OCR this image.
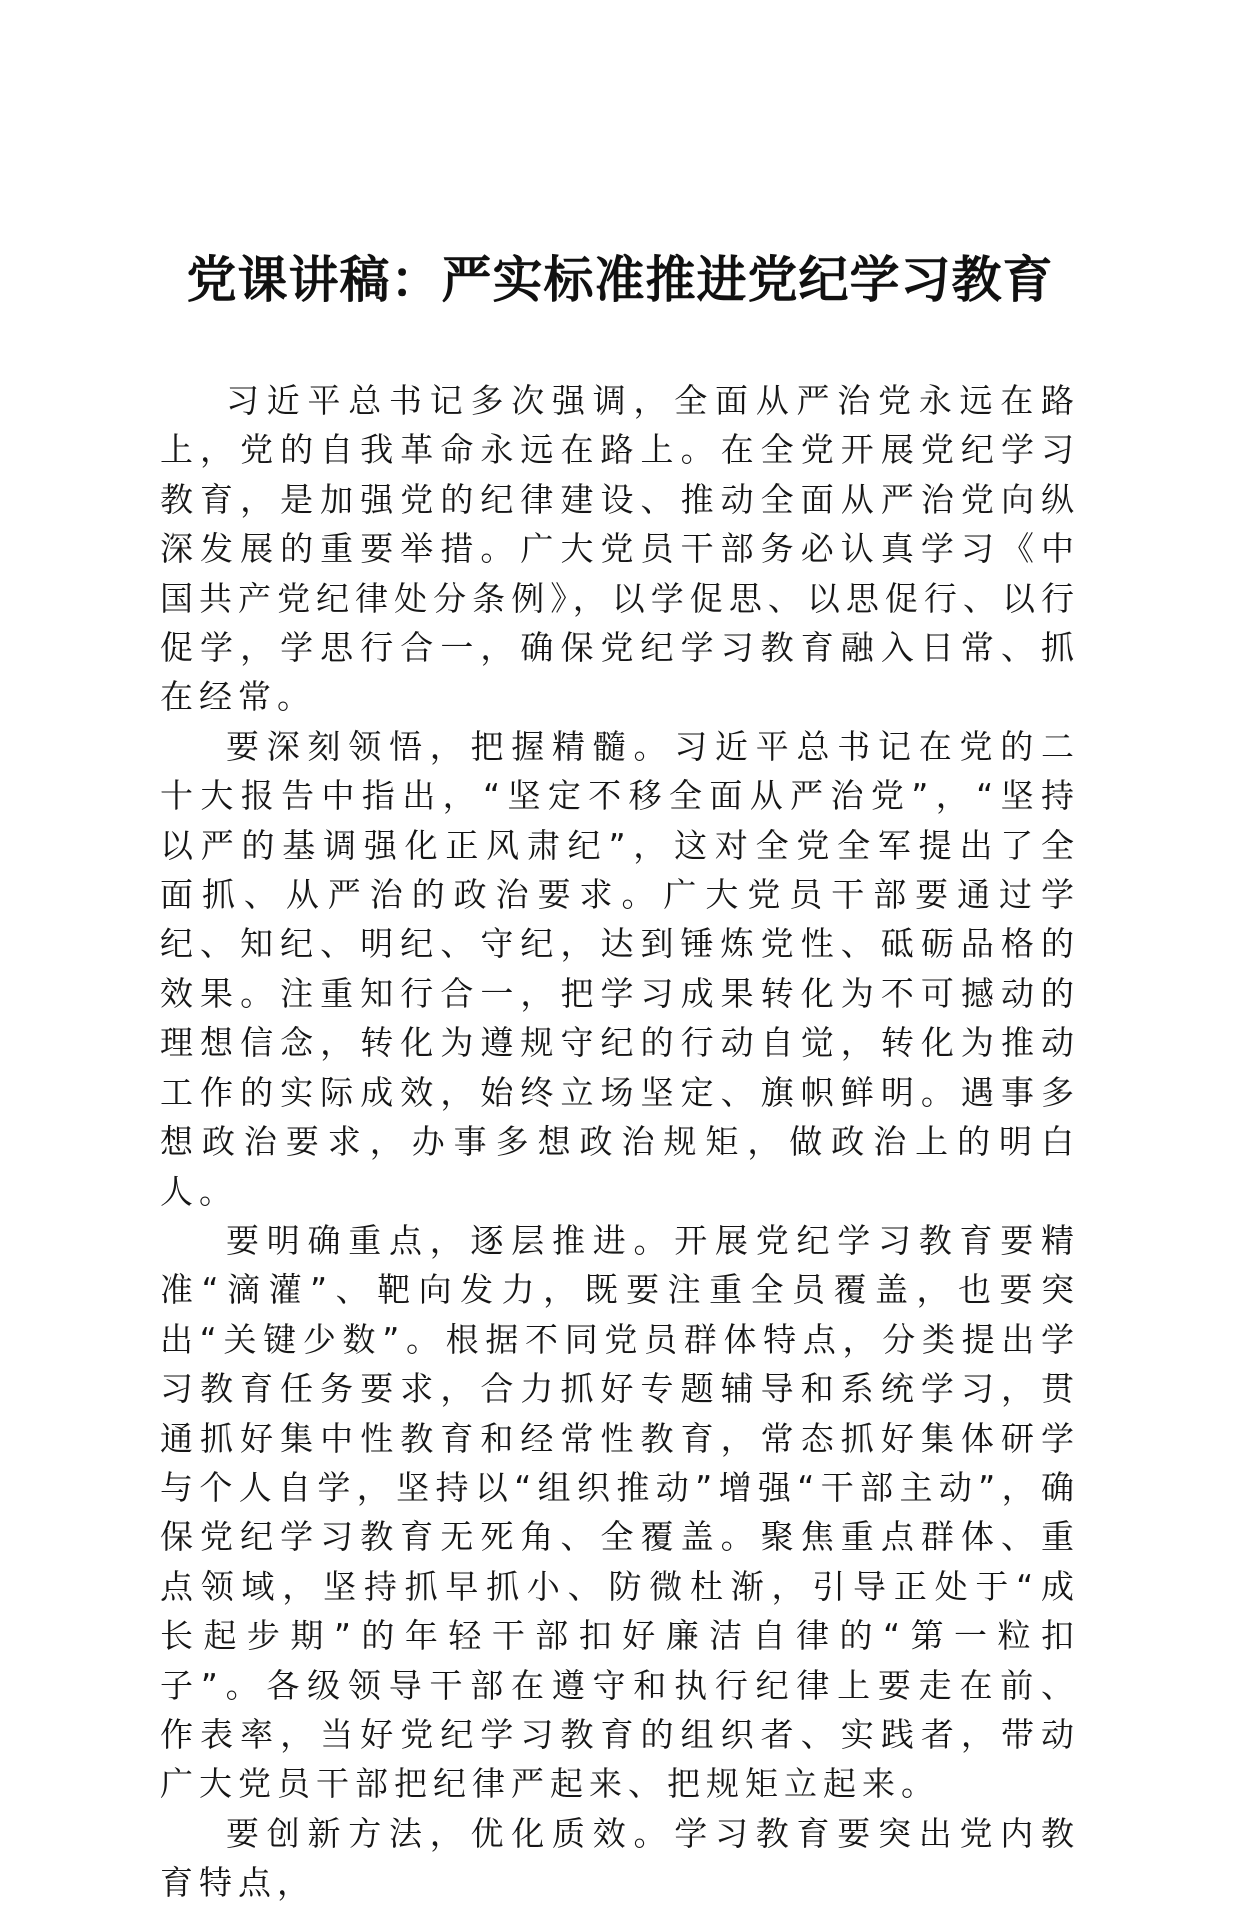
党课讲稿：严实标准推进党纪学习教育

习近平总书记多次强调，全面从严治党永远在路上，党的自我革命永远在路上。在全党开展党纪学习教育，是加强党的纪律建设、推动全面从严治党向纵深发展的重要举措。广大党员干部务必认真学习《中国共产党纪律处分条例》，以学促思、以思促行、以行促学，学思行合一，确保党纪学习教育融入日常、抓在经常。

要深刻领悟，把握精髓。习近平总书记在党的二十大报告中指出，“坚定不移全面从严治党”，“坚持以严的基调强化正风肃纪”，这对全党全军提出了全面抓、从严治的政治要求。广大党员干部要通过学纪、知纪、明纪、守纪，达到锤炼党性、砥砺品格的效果。注重知行合一，把学习成果转化为不可撼动的理想信念，转化为遵规守纪的行动自觉，转化为推动工作的实际成效，始终立场坚定、旗帜鲜明。遇事多想政治要求，办事多想政治规矩，做政治上的明白人。

要明确重点，逐层推进。开展党纪学习教育要精准“滴灌”、靶向发力，既要注重全员覆盖，也要突出“关键少数”。根据不同党员群体特点，分类提出学习教育任务要求，合力抓好专题辅导和系统学习，贯通抓好集中性教育和经常性教育，常态抓好集体研学与个人自学，坚持以“组织推动”增强“干部主动”，确保党纪学习教育无死角、全覆盖。聚焦重点群体、重点领域，坚持抓早抓小、防微杜渐，引导正处于“成长起步期”的年轻干部扣好廉洁自律的“第一粒扣子”。各级领导干部在遵守和执行纪律上要走在前、作表率，当好党纪学习教育的组织者、实践者，带动广大党员干部把纪律严起来、把规矩立起来。

要创新方法，优化质效。学习教育要突出党内教育特点，
